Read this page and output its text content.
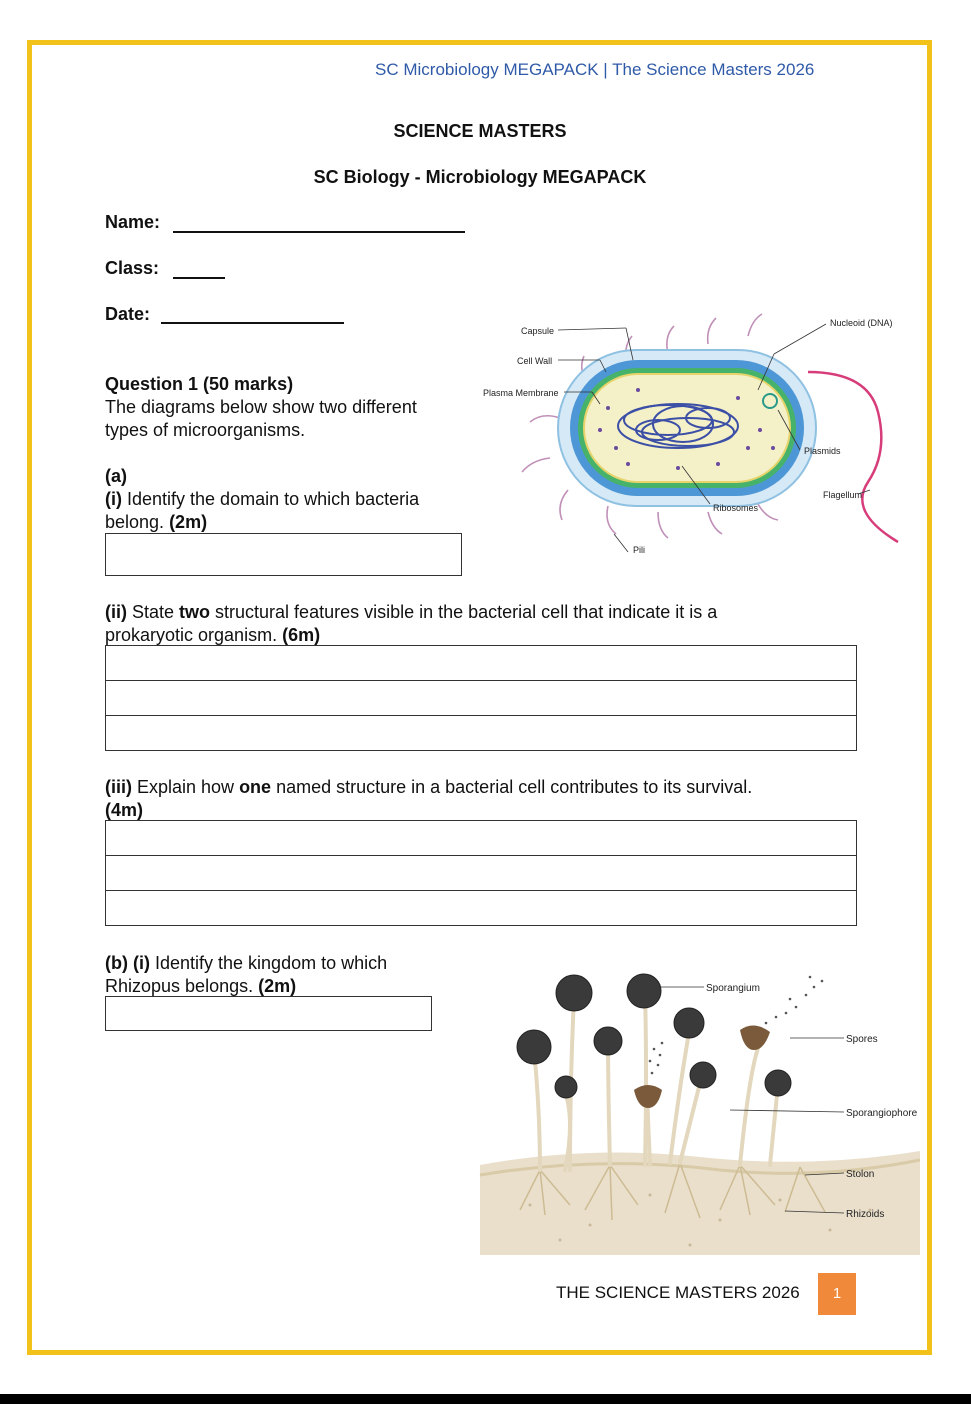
SC Microbiology MEGAPACK | The Science Masters 2026
SCIENCE MASTERS
SC Biology - Microbiology MEGAPACK
Name:
Class:
Date:
Question 1 (50 marks)
The diagrams below show two different
types of microorganisms.
(a)
(i) Identify the domain to which bacteria
belong. (2m)
Capsule
Cell Wall
Plasma Membrane
Nucleoid (DNA)
Plasmids
Flagellum
Ribosomes
Pili
(ii) State two structural features visible in the bacterial cell that indicate it is a
prokaryotic organism. (6m)
(iii) Explain how one named structure in a bacterial cell contributes to its survival.
(4m)
(b) (i) Identify the kingdom to which
Rhizopus belongs. (2m)	Sporangium
Spores
Sporangiophore
Stolon
Rhizoids
THE SCIENCE MASTERS 2026	1
